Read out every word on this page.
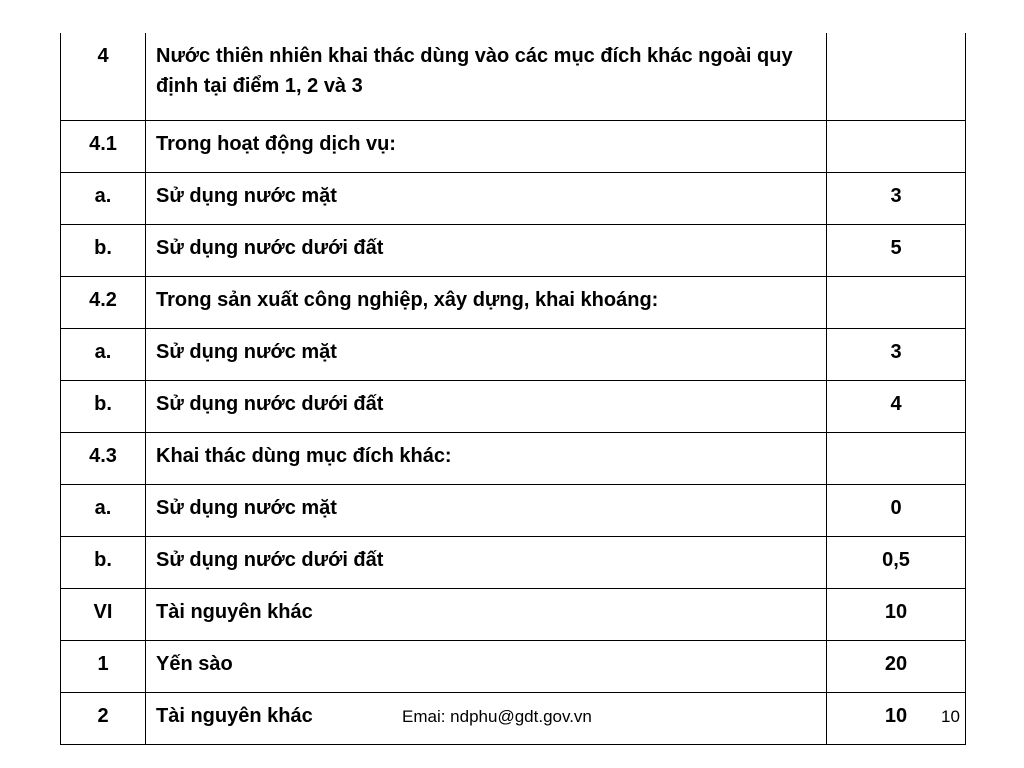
4	Nước thiên nhiên khai thác dùng vào các mục đích khác ngoài quy định tại điểm 1, 2 và 3	
4.1	Trong hoạt động dịch vụ:	
a.	Sử dụng nước mặt	3
b.	Sử dụng nước dưới đất	5
4.2	Trong sản xuất công nghiệp, xây dựng, khai khoáng:	
a.	Sử dụng nước mặt	3
b.	Sử dụng nước dưới đất	4
4.3	Khai thác dùng mục đích khác:	
a.	Sử dụng nước mặt	0
b.	Sử dụng nước dưới đất	0,5
VI	Tài nguyên khác	10
1	Yến sào	20
2	Tài nguyên khác	10
Emai: ndphu@gdt.gov.vn	10
